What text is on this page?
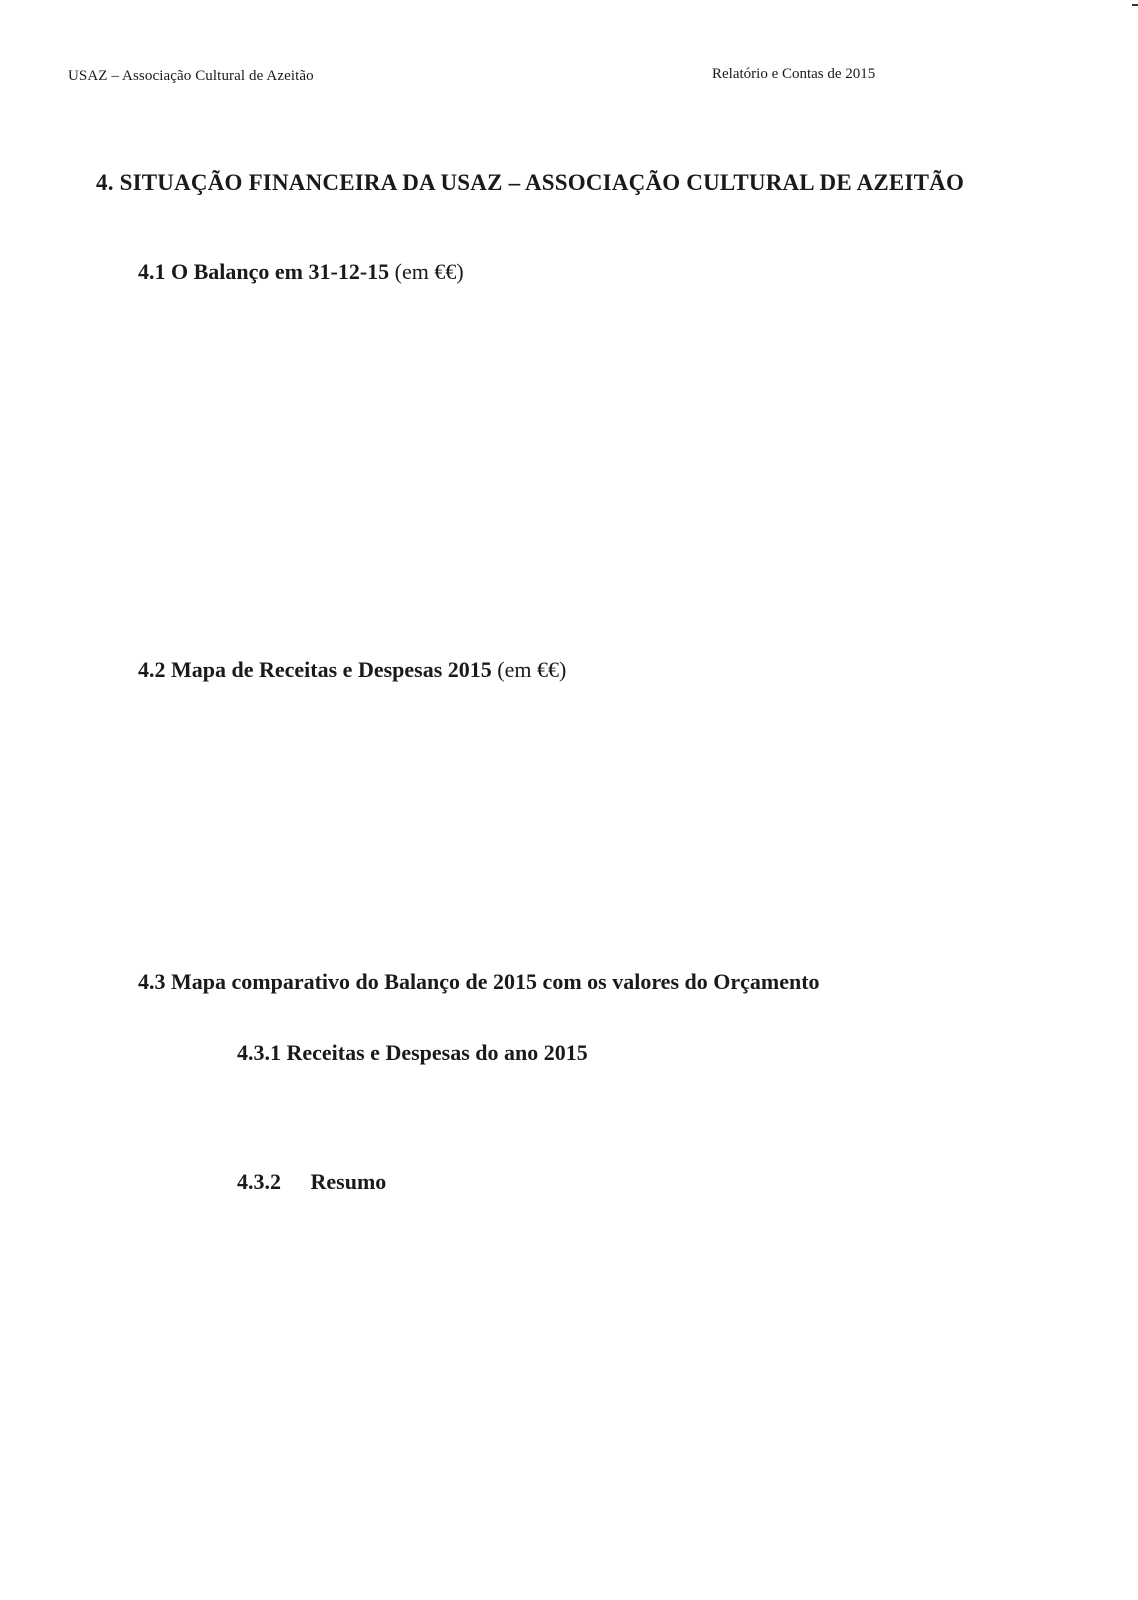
USAZ – Associação Cultural de Azeitão	Relatório e Contas de 2015
4. SITUAÇÃO FINANCEIRA DA USAZ – ASSOCIAÇÃO CULTURAL DE AZEITÃO
4.1 O Balanço em 31-12-15 (em €€)
4.2 Mapa de Receitas e Despesas 2015 (em €€)
4.3 Mapa comparativo do Balanço de 2015 com os valores do Orçamento
4.3.1 Receitas e Despesas do ano 2015
4.3.2 Resumo
